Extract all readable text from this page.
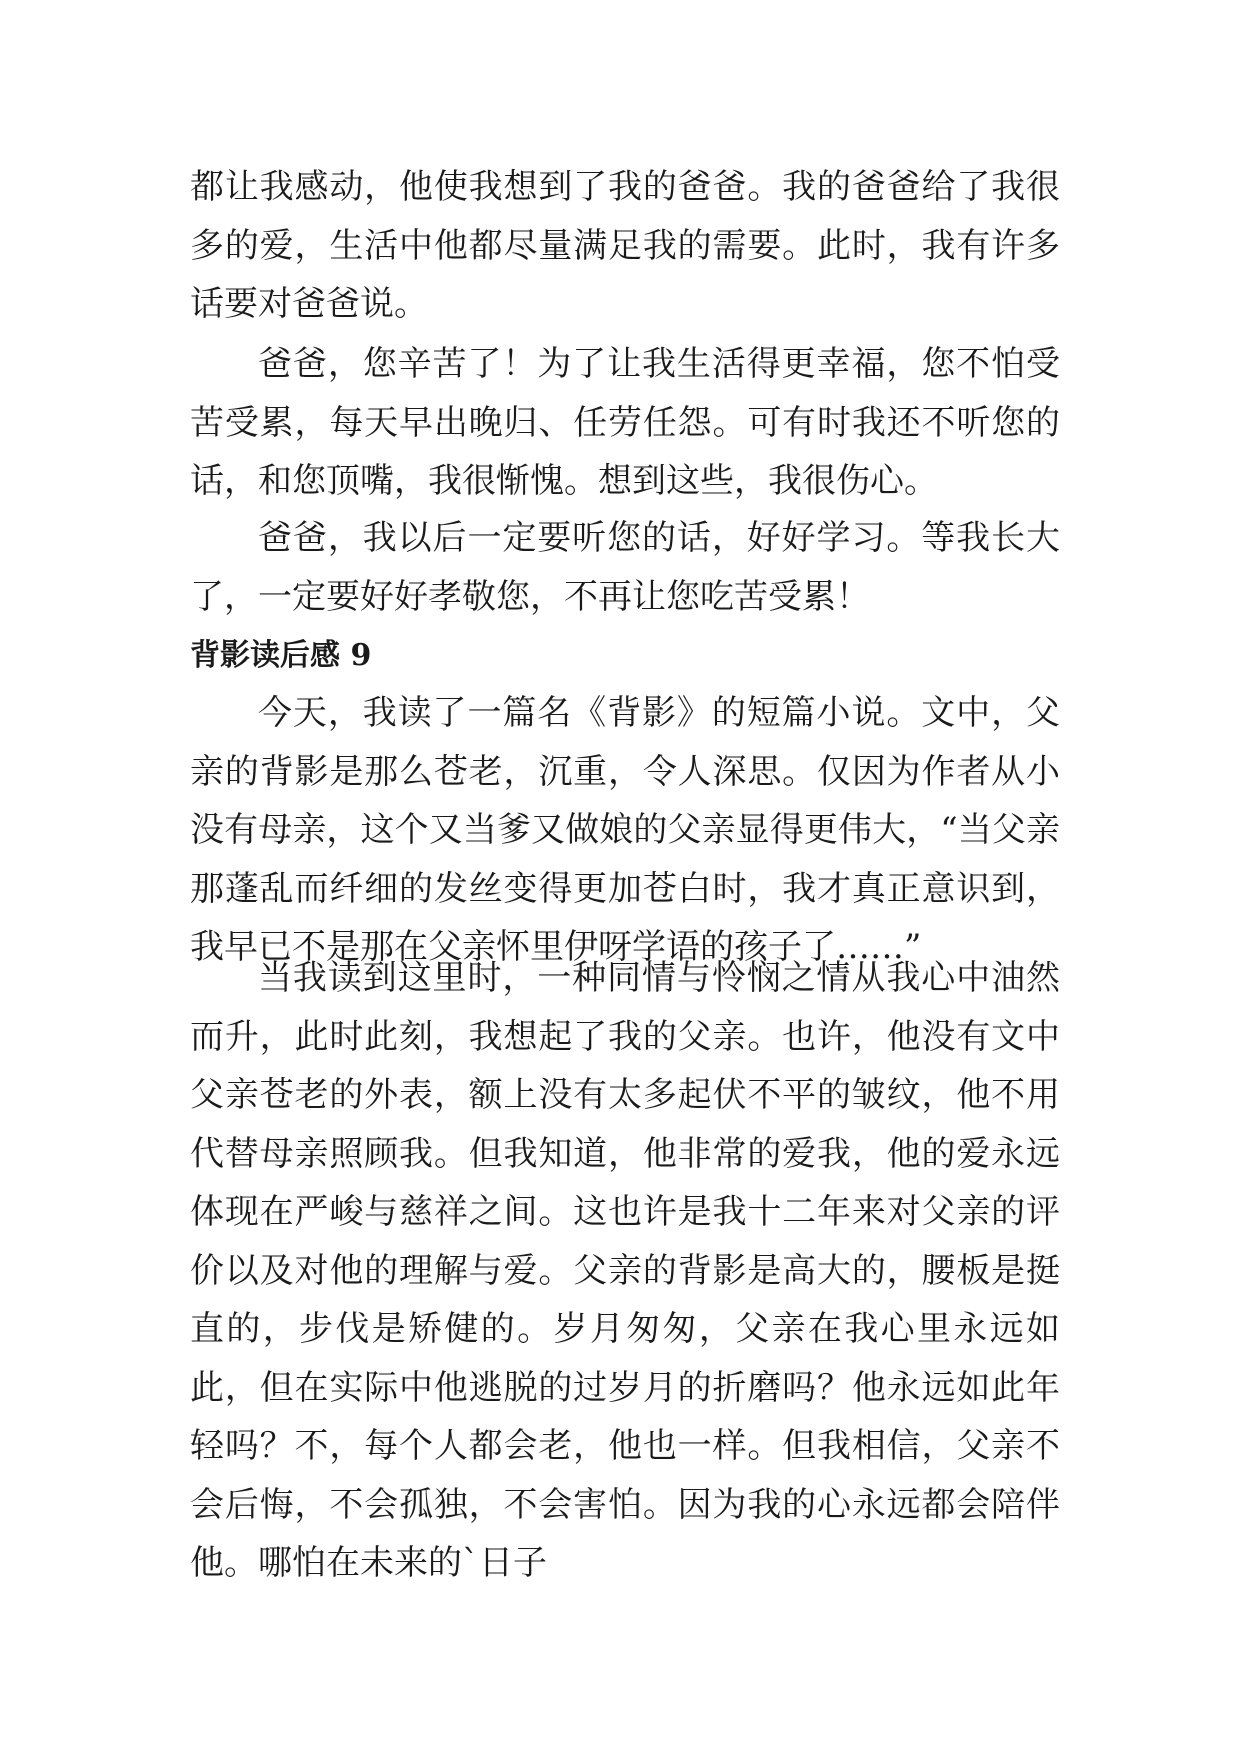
都让我感动，他使我想到了我的爸爸。我的爸爸给了我很多的爱，生活中他都尽量满足我的需要。此时，我有许多话要对爸爸说。

爸爸，您辛苦了！为了让我生活得更幸福，您不怕受苦受累，每天早出晚归、任劳任怨。可有时我还不听您的话，和您顶嘴，我很惭愧。想到这些，我很伤心。

爸爸，我以后一定要听您的话，好好学习。等我长大了，一定要好好孝敬您，不再让您吃苦受累！

背影读后感 9

今天，我读了一篇名《背影》的短篇小说。文中，父亲的背影是那么苍老，沉重，令人深思。仅因为作者从小没有母亲，这个又当爹又做娘的父亲显得更伟大，“当父亲那蓬乱而纤细的发丝变得更加苍白时，我才真正意识到，我早已不是那在父亲怀里伊呀学语的孩子了……”

当我读到这里时，一种同情与怜悯之情从我心中油然而升，此时此刻，我想起了我的父亲。也许，他没有文中父亲苍老的外表，额上没有太多起伏不平的皱纹，他不用代替母亲照顾我。但我知道，他非常的爱我，他的爱永远体现在严峻与慈祥之间。这也许是我十二年来对父亲的评价以及对他的理解与爱。父亲的背影是高大的，腰板是挺直的，步伐是矫健的。岁月匆匆，父亲在我心里永远如此，但在实际中他逃脱的过岁月的折磨吗？他永远如此年轻吗？不，每个人都会老，他也一样。但我相信，父亲不会后悔，不会孤独，不会害怕。因为我的心永远都会陪伴他。哪怕在未来的`日子
